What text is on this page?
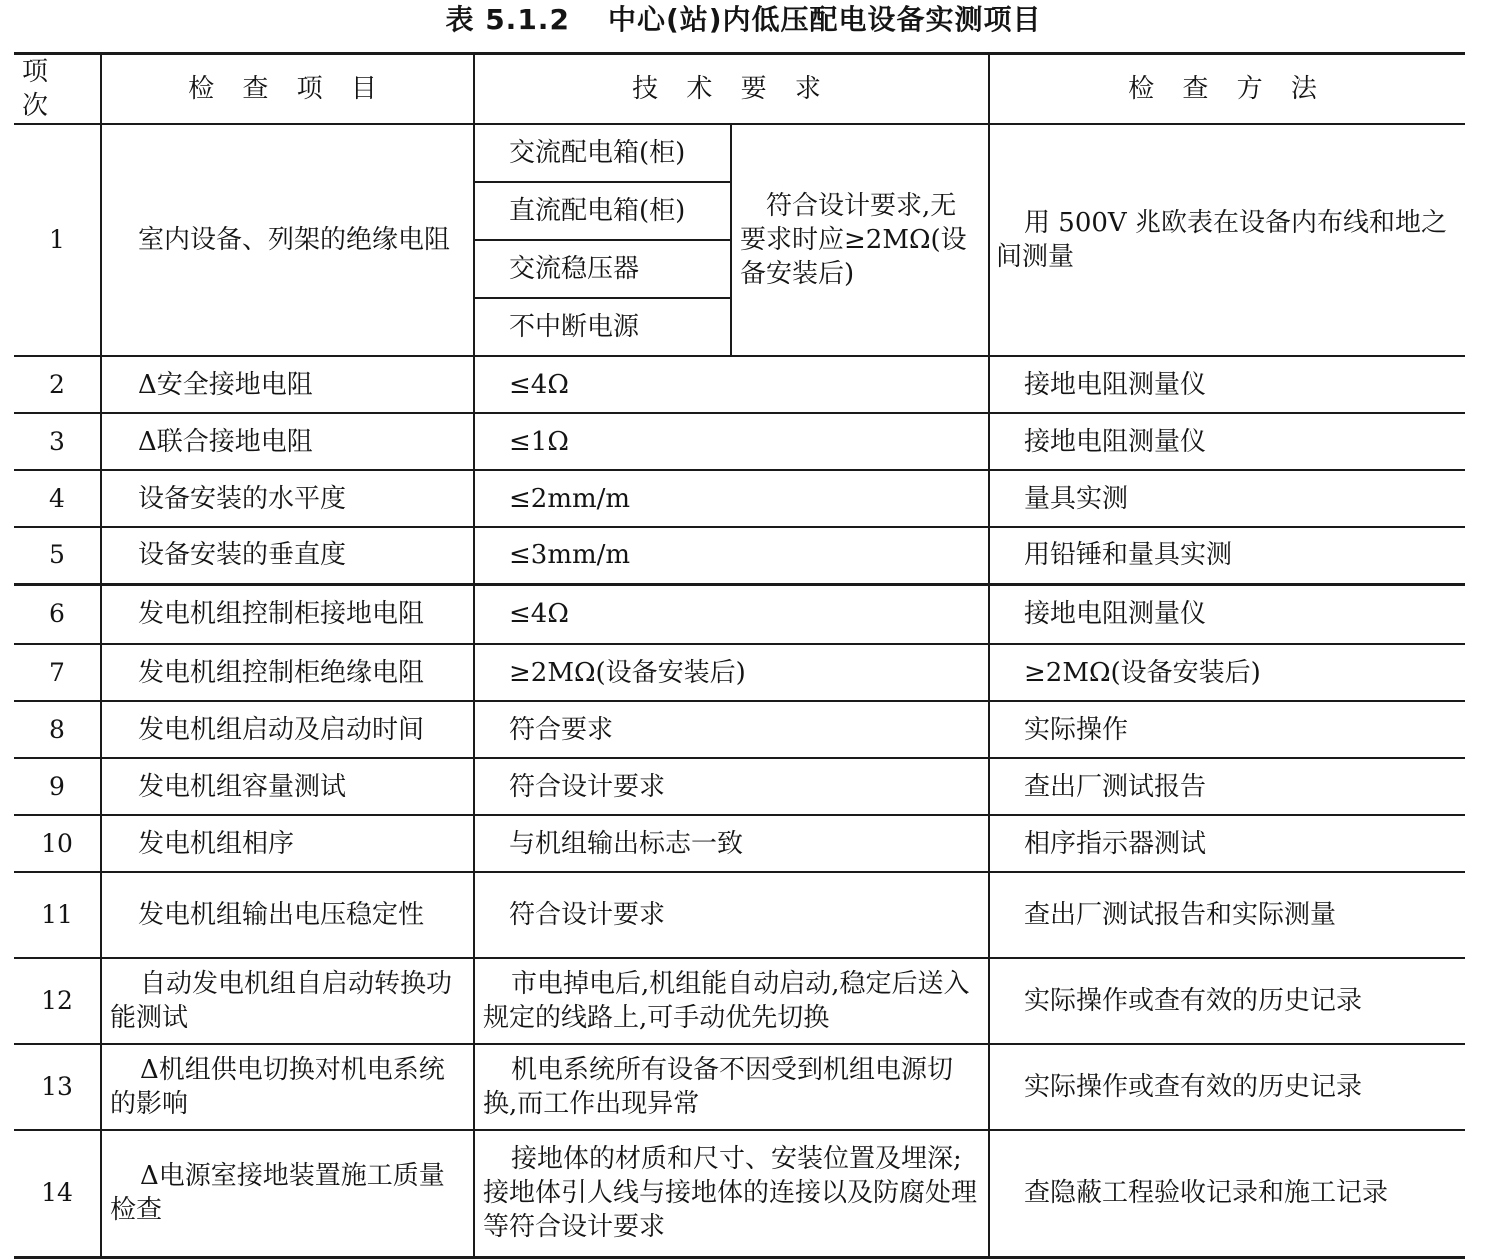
表 5.1.2 中心(站)内低压配电设备实测项目
项 次	检 查 项 目	技 术 要 求		检 查 方 法
1	室内设备、列架的绝缘电阻	交流配电箱(柜)	符合设计要求,无要求时应≥2MΩ(设备安装后)	用 500V 兆欧表在设备内布线和地之间测量
		直流配电箱(柜)		
		交流稳压器		
		不中断电源		
2	Δ安全接地电阻	≤4Ω		接地电阻测量仪
3	Δ联合接地电阻	≤1Ω		接地电阻测量仪
4	设备安装的水平度	≤2mm/m		量具实测
5	设备安装的垂直度	≤3mm/m		用铅锤和量具实测
6	发电机组控制柜接地电阻	≤4Ω		接地电阻测量仪
7	发电机组控制柜绝缘电阻	≥2MΩ(设备安装后)		≥2MΩ(设备安装后)
8	发电机组启动及启动时间	符合要求		实际操作
9	发电机组容量测试	符合设计要求		查出厂测试报告
10	发电机组相序	与机组输出标志一致		相序指示器测试
11	发电机组输出电压稳定性	符合设计要求		查出厂测试报告和实际测量
12	自动发电机组自启动转换功能测试	市电掉电后,机组能自动启动,稳定后送入规定的线路上,可手动优先切换		实际操作或查有效的历史记录
13	Δ机组供电切换对机电系统的影响	机电系统所有设备不因受到机组电源切换,而工作出现异常		实际操作或查有效的历史记录
14	Δ电源室接地装置施工质量检查	接地体的材质和尺寸、安装位置及埋深;接地体引人线与接地体的连接以及防腐处理等符合设计要求		查隐蔽工程验收记录和施工记录
